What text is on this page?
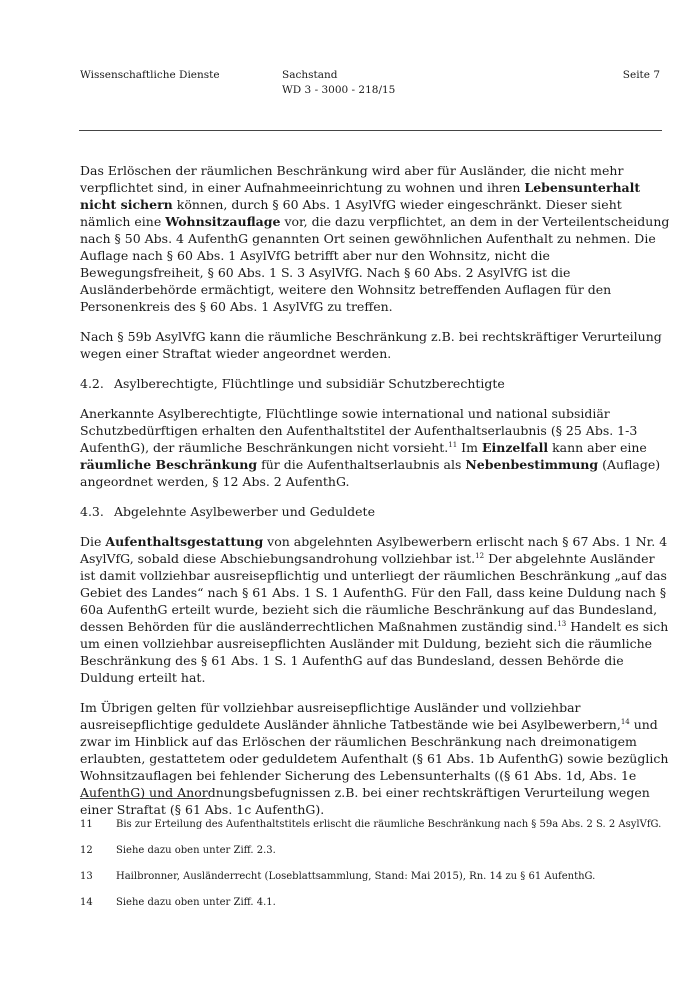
Wissenschaftliche Dienste	Sachstand
WD 3 - 3000 - 218/15
Seite 7

Das Erlöschen der räumlichen Beschränkung wird aber für Ausländer, die nicht mehr verpflichtet sind, in einer Aufnahmeeinrichtung zu wohnen und ihren Lebensunterhalt nicht sichern können, durch § 60 Abs. 1 AsylVfG wieder eingeschränkt. Dieser sieht nämlich eine Wohnsitzauflage vor, die dazu verpflichtet, an dem in der Verteilentscheidung nach § 50 Abs. 4 AufenthG genannten Ort seinen gewöhnlichen Aufenthalt zu nehmen. Die Auflage nach § 60 Abs. 1 AsylVfG betrifft aber nur den Wohnsitz, nicht die Bewegungsfreiheit, § 60 Abs. 1 S. 3 AsylVfG. Nach § 60 Abs. 2 AsylVfG ist die Ausländerbehörde ermächtigt, weitere den Wohnsitz betreffenden Auflagen für den Personenkreis des § 60 Abs. 1 AsylVfG zu treffen.

Nach § 59b AsylVfG kann die räumliche Beschränkung z.B. bei rechtskräftiger Verurteilung wegen einer Straftat wieder angeordnet werden.

4.2. Asylberechtigte, Flüchtlinge und subsidiär Schutzberechtigte

Anerkannte Asylberechtigte, Flüchtlinge sowie international und national subsidiär Schutzbedürftigen erhalten den Aufenthaltstitel der Aufenthaltserlaubnis (§ 25 Abs. 1-3 AufenthG), der räumliche Beschränkungen nicht vorsieht.$^{11}$ Im Einzelfall kann aber eine räumliche Beschränkung für die Aufenthaltserlaubnis als Nebenbestimmung (Auflage) angeordnet werden, § 12 Abs. 2 AufenthG.

4.3. Abgelehnte Asylbewerber und Geduldete

Die Aufenthaltsgestattung von abgelehnten Asylbewerbern erlischt nach § 67 Abs. 1 Nr. 4 AsylVfG, sobald diese Abschiebungsandrohung vollziehbar ist.$^{12}$ Der abgelehnte Ausländer ist damit vollziehbar ausreisepflichtig und unterliegt der räumlichen Beschränkung „auf das Gebiet des Landes“ nach § 61 Abs. 1 S. 1 AufenthG. Für den Fall, dass keine Duldung nach § 60a AufenthG erteilt wurde, bezieht sich die räumliche Beschränkung auf das Bundesland, dessen Behörden für die ausländerrechtlichen Maßnahmen zuständig sind.$^{13}$ Handelt es sich um einen vollziehbar ausreisepflichten Ausländer mit Duldung, bezieht sich die räumliche Beschränkung des § 61 Abs. 1 S. 1 AufenthG auf das Bundesland, dessen Behörde die Duldung erteilt hat.

Im Übrigen gelten für vollziehbar ausreisepflichtige Ausländer und vollziehbar ausreisepflichtige geduldete Ausländer ähnliche Tatbestände wie bei Asylbewerbern,$^{14}$ und zwar im Hinblick auf das Erlöschen der räumlichen Beschränkung nach dreimonatigem erlaubten, gestattetem oder geduldetem Aufenthalt (§ 61 Abs. 1b AufenthG) sowie bezüglich Wohnsitzauflagen bei fehlender Sicherung des Lebensunterhalts ((§ 61 Abs. 1d, Abs. 1e AufenthG) und Anordnungsbefugnissen z.B. bei einer rechtskräftigen Verurteilung wegen einer Straftat (§ 61 Abs. 1c AufenthG).

11	Bis zur Erteilung des Aufenthaltstitels erlischt die räumliche Beschränkung nach § 59a Abs. 2 S. 2 AsylVfG.
12	Siehe dazu oben unter Ziff. 2.3.
13	Hailbronner, Ausländerrecht (Loseblattsammlung, Stand: Mai 2015), Rn. 14 zu § 61 AufenthG.
14	Siehe dazu oben unter Ziff. 4.1.
